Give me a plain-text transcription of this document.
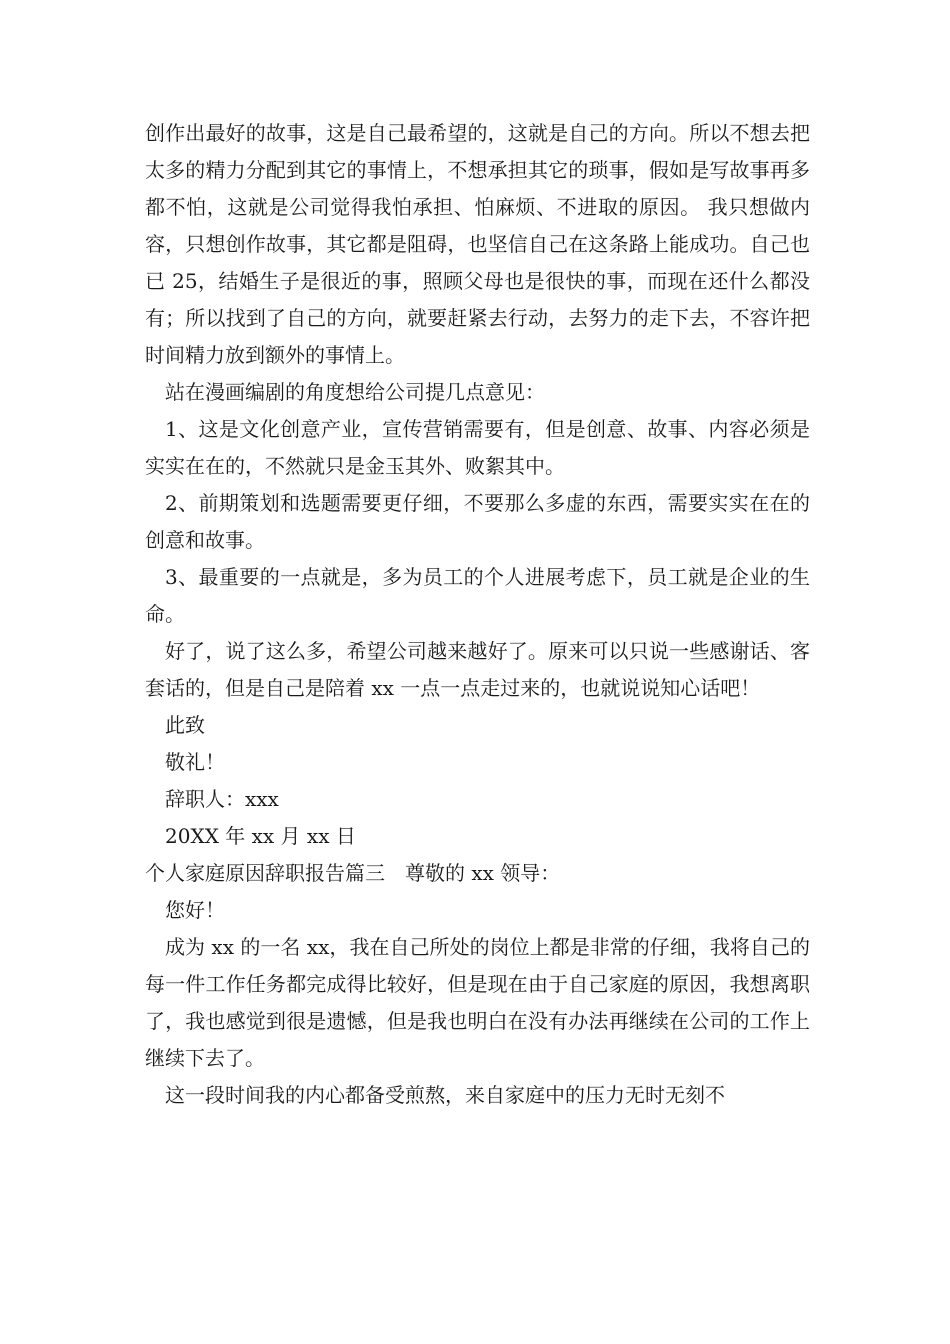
创作出最好的故事，这是自己最希望的，这就是自己的方向。所以不想去把太多的精力分配到其它的事情上，不想承担其它的琐事，假如是写故事再多都不怕，这就是公司觉得我怕承担、怕麻烦、不进取的原因。 我只想做内容，只想创作故事，其它都是阻碍，也坚信自己在这条路上能成功。自己也已 25，结婚生子是很近的事，照顾父母也是很快的事，而现在还什么都没有；所以找到了自己的方向，就要赶紧去行动，去努力的走下去，不容许把时间精力放到额外的事情上。

站在漫画编剧的角度想给公司提几点意见：

1、这是文化创意产业，宣传营销需要有，但是创意、故事、内容必须是实实在在的，不然就只是金玉其外、败絮其中。

2、前期策划和选题需要更仔细，不要那么多虚的东西，需要实实在在的创意和故事。

3、最重要的一点就是，多为员工的个人进展考虑下，员工就是企业的生命。

好了，说了这么多，希望公司越来越好了。原来可以只说一些感谢话、客套话的，但是自己是陪着 xx 一点一点走过来的，也就说说知心话吧！

此致

敬礼！

辞职人：xxx

20XX 年 xx 月 xx 日

个人家庭原因辞职报告篇三　尊敬的 xx 领导：

您好！

成为 xx 的一名 xx，我在自己所处的岗位上都是非常的仔细，我将自己的每一件工作任务都完成得比较好，但是现在由于自己家庭的原因，我想离职了，我也感觉到很是遗憾，但是我也明白在没有办法再继续在公司的工作上继续下去了。

这一段时间我的内心都备受煎熬，来自家庭中的压力无时无刻不
